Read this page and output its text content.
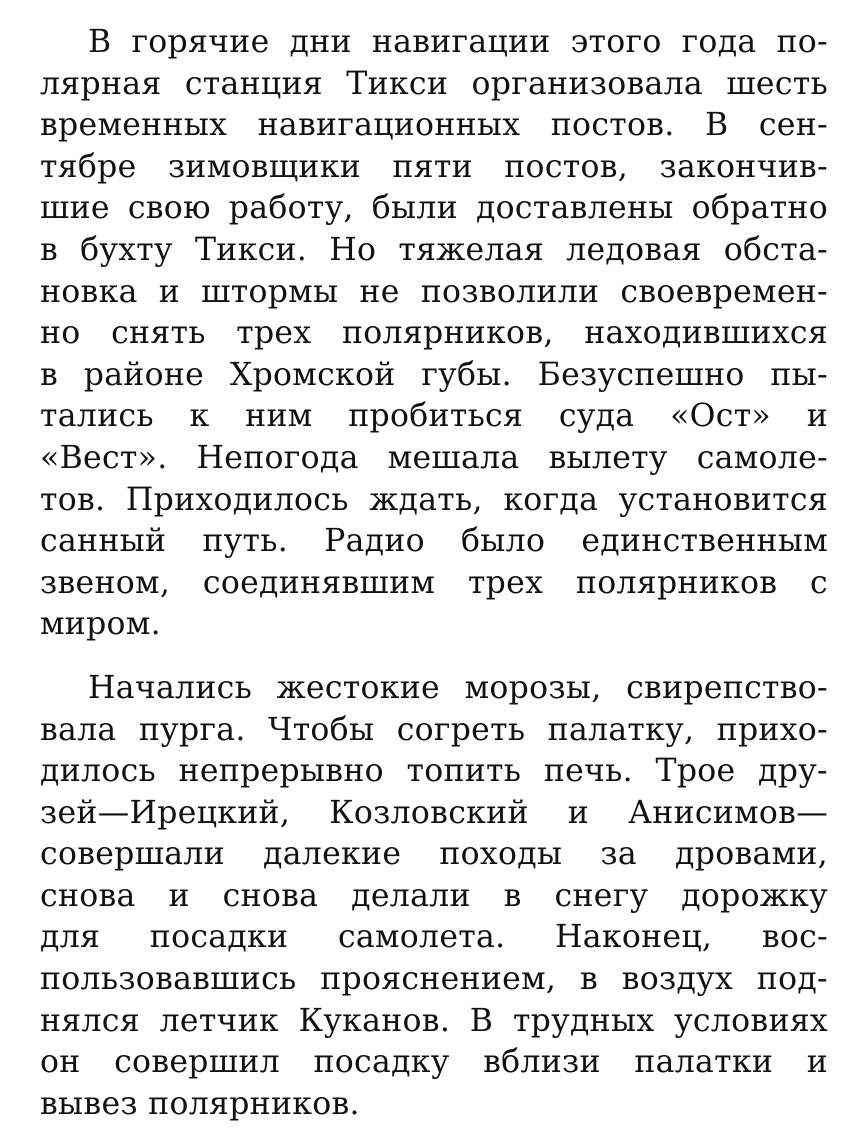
В горячие дни навигации этого года по-
лярная станция Тикси организовала шесть
временных навигационных постов. В сен-
тябре зимовщики пяти постов, закончив-
шие свою работу, были доставлены обратно
в бухту Тикси. Но тяжелая ледовая обста-
новка и штормы не позволили своевремен-
но снять трех полярников, находившихся
в районе Хромской губы. Безуспешно пы-
тались к ним пробиться суда «Ост» и
«Вест». Непогода мешала вылету самоле-
тов. Приходилось ждать, когда установится
санный путь. Радио было единственным
звеном, соединявшим трех полярников с
миром.
Начались жестокие морозы, свирепство-
вала пурга. Чтобы согреть палатку, прихо-
дилось непрерывно топить печь. Трое дру-
зей—Ирецкий, Козловский и Анисимов—
совершали далекие походы за дровами,
снова и снова делали в снегу дорожку
для посадки самолета. Наконец, вос-
пользовавшись прояснением, в воздух под-
нялся летчик Куканов. В трудных условиях
он совершил посадку вблизи палатки и
вывез полярников.
